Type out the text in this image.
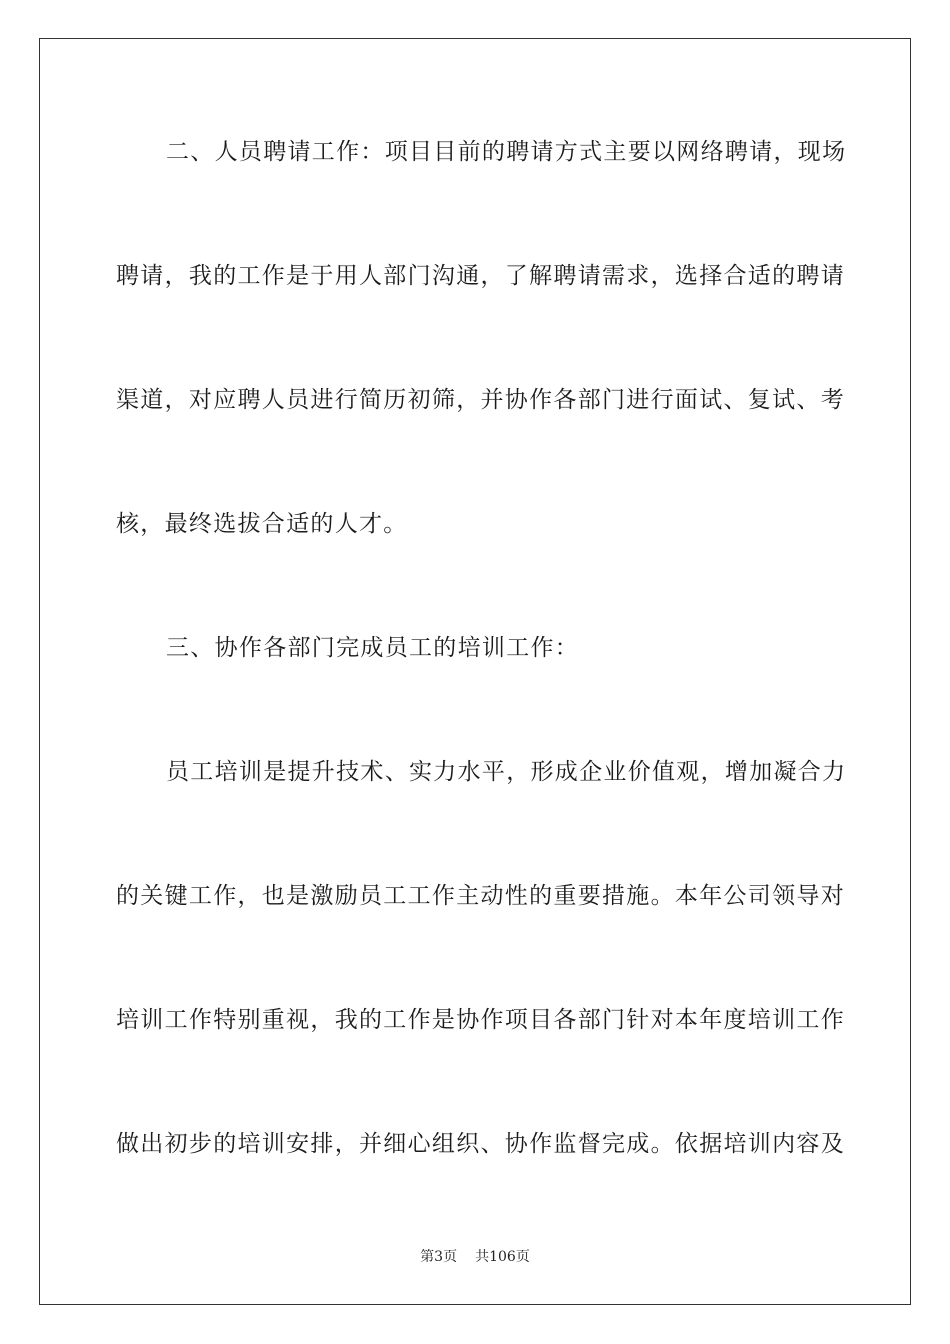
二、人员聘请工作：项目目前的聘请方式主要以网络聘请，现场
聘请，我的工作是于用人部门沟通，了解聘请需求，选择合适的聘请
渠道，对应聘人员进行简历初筛，并协作各部门进行面试、复试、考
核，最终选拔合适的人才。
三、协作各部门完成员工的培训工作：
员工培训是提升技术、实力水平，形成企业价值观，增加凝合力
的关键工作，也是激励员工工作主动性的重要措施。本年公司领导对
培训工作特别重视，我的工作是协作项目各部门针对本年度培训工作
做出初步的培训安排，并细心组织、协作监督完成。依据培训内容及
第3页 共106页
